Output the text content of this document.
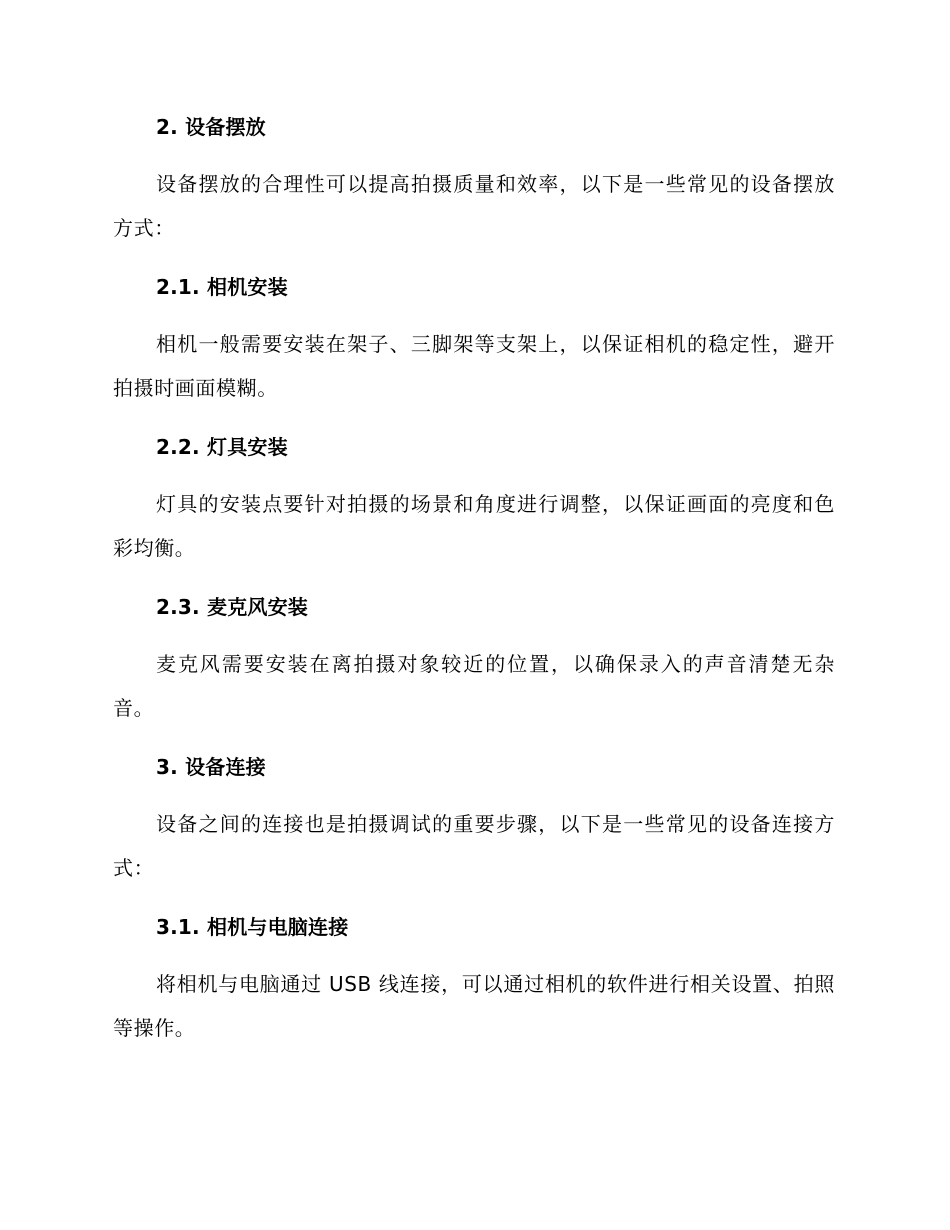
2. 设备摆放

设备摆放的合理性可以提高拍摄质量和效率，以下是一些常见的设备摆放方式：

2.1. 相机安装

相机一般需要安装在架子、三脚架等支架上，以保证相机的稳定性，避开拍摄时画面模糊。

2.2. 灯具安装

灯具的安装点要针对拍摄的场景和角度进行调整，以保证画面的亮度和色彩均衡。

2.3. 麦克风安装

麦克风需要安装在离拍摄对象较近的位置，以确保录入的声音清楚无杂音。

3. 设备连接

设备之间的连接也是拍摄调试的重要步骤，以下是一些常见的设备连接方式：

3.1. 相机与电脑连接

将相机与电脑通过 USB 线连接，可以通过相机的软件进行相关设置、拍照等操作。
